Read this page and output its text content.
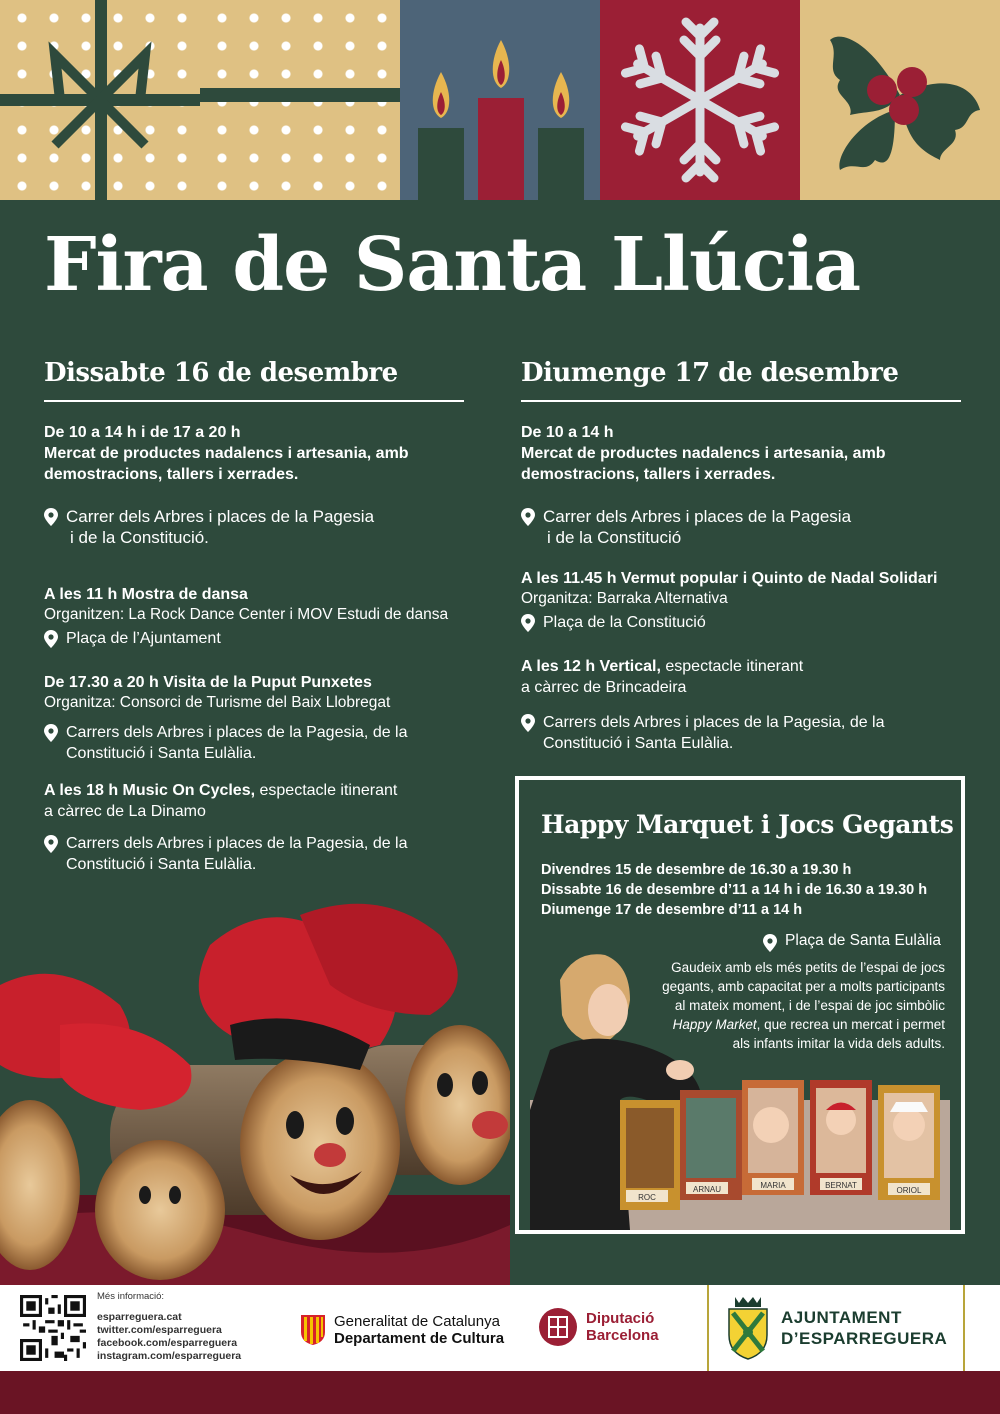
Fira de Santa Llúcia
Dissabte 16 de desembre
De 10 a 14 h i de 17 a 20 h
Mercat de productes nadalencs i artesania, amb demostracions, tallers i xerrades.
Carrer dels Arbres i places de la Pagesia
i de la Constitució.
A les 11 h Mostra de dansa
Organitzen: La Rock Dance Center i MOV Estudi de dansa
Plaça de l’Ajuntament
De 17.30 a 20 h Visita de la Puput Punxetes
Organitza: Consorci de Turisme del Baix Llobregat
Carrers dels Arbres i places de la Pagesia, de la
Constitució i Santa Eulàlia.
A les 18 h Music On Cycles, espectacle itinerant
a càrrec de La Dinamo
Carrers dels Arbres i places de la Pagesia, de la
Constitució i Santa Eulàlia.
Diumenge 17 de desembre
De 10 a 14 h
Mercat de productes nadalencs i artesania, amb demostracions, tallers i xerrades.
Carrer dels Arbres i places de la Pagesia
i de la Constitució
A les 11.45 h Vermut popular i Quinto de Nadal Solidari
Organitza: Barraka Alternativa
Plaça de la Constitució
A les 12 h Vertical, espectacle itinerant
a càrrec de Brincadeira
Carrers dels Arbres i places de la Pagesia, de la
Constitució i Santa Eulàlia.
Happy Marquet i Jocs Gegants
Divendres 15 de desembre de 16.30 a 19.30 h
Dissabte 16 de desembre d’11 a 14 h i de 16.30 a 19.30 h
Diumenge 17 de desembre d’11 a 14 h
Plaça de Santa Eulàlia
MARIA	BERNAT
ORIOL
ARNAU
ROC
Gaudeix amb els més petits de l’espai de jocs gegants, amb capacitat per a molts participants al mateix moment, i de l’espai de joc simbòlic Happy Market, que recrea un mercat i permet als infants imitar la vida dels adults.
Més informació:
esparreguera.cat
twitter.com/esparreguera
facebook.com/esparreguera
instagram.com/esparreguera
Generalitat de Catalunya
Departament de Cultura
Diputació
Barcelona
AJUNTAMENT
D’ESPARREGUERA
